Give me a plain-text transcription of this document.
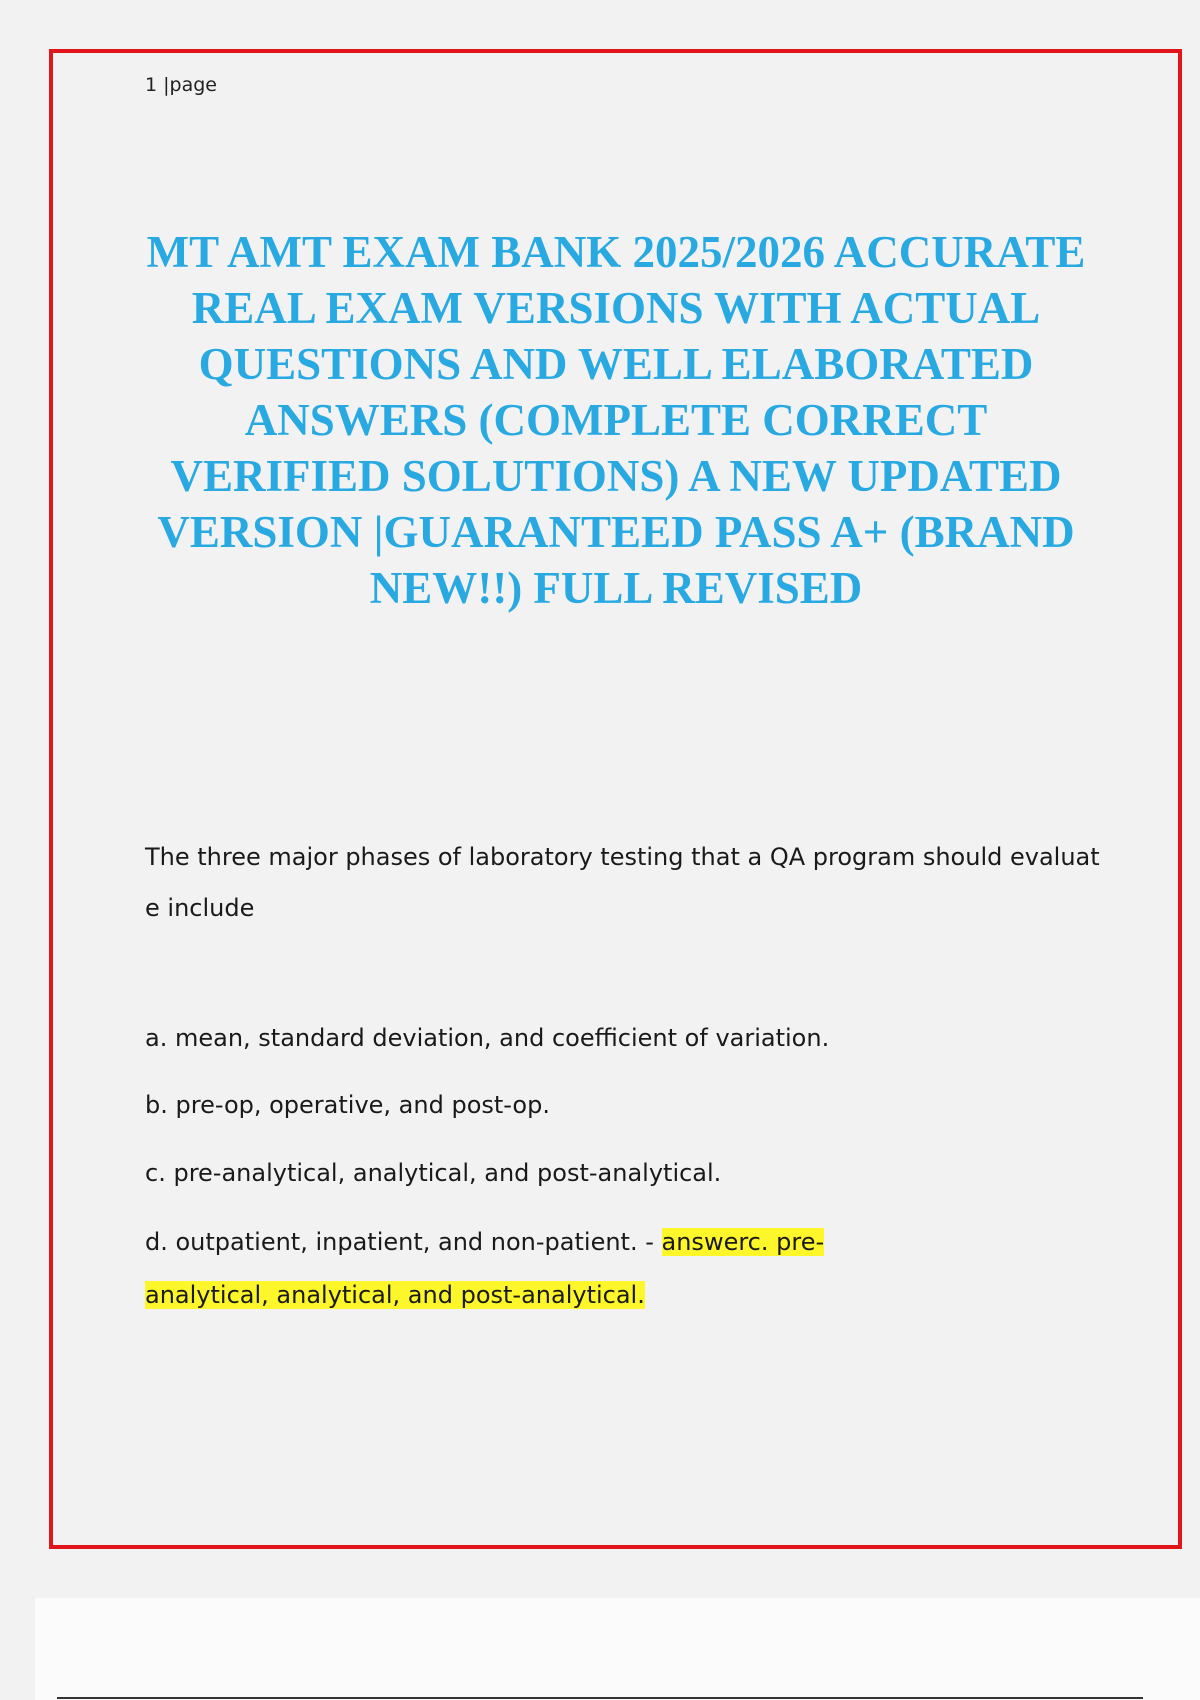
1 |page
MT AMT EXAM BANK 2025/2026 ACCURATE REAL EXAM VERSIONS WITH ACTUAL QUESTIONS AND WELL ELABORATED ANSWERS (COMPLETE CORRECT VERIFIED SOLUTIONS) A NEW UPDATED VERSION |GUARANTEED PASS A+ (BRAND NEW!!) FULL REVISED

The three major phases of laboratory testing that a QA program should evaluate include

a. mean, standard deviation, and coefficient of variation.

b. pre-op, operative, and post-op.

c. pre-analytical, analytical, and post-analytical.

d. outpatient, inpatient, and non-patient. - answerc. pre-

analytical, analytical, and post-analytical.
